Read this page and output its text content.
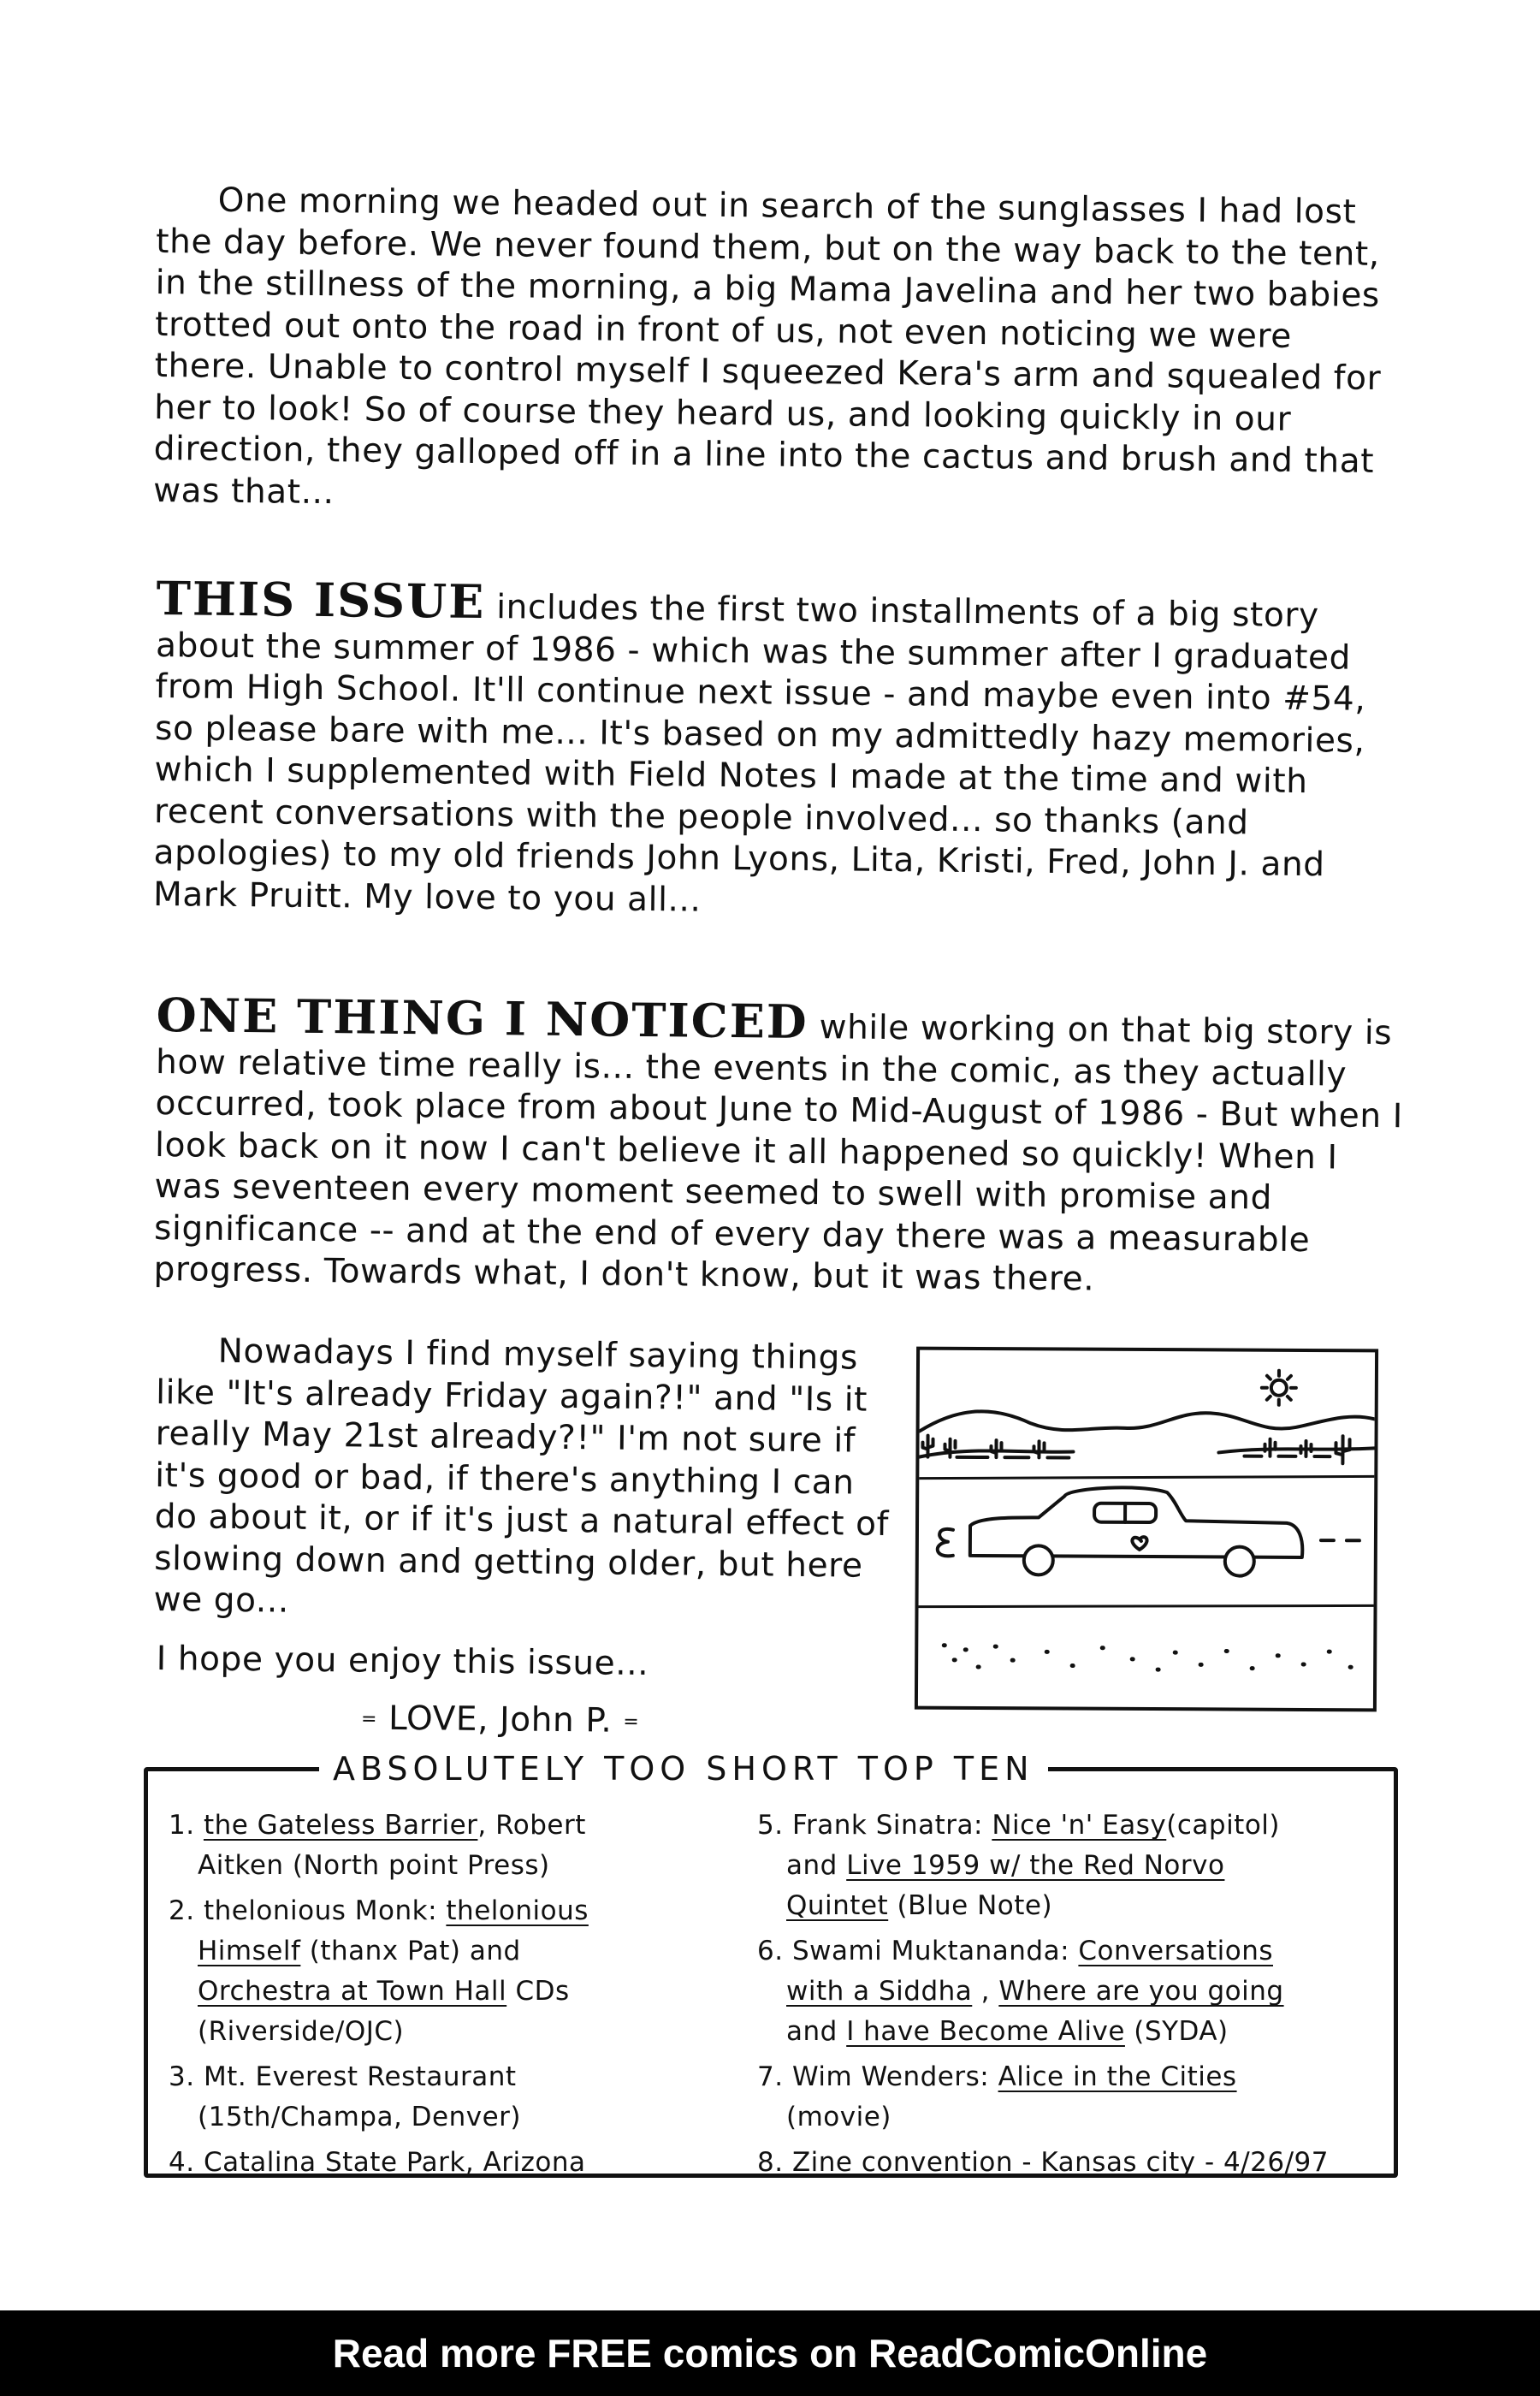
One morning we headed out in search of the sunglasses I had lost the day before. We never found them, but on the way back to the tent, in the stillness of the morning, a big Mama Javelina and her two babies trotted out onto the road in front of us, not even noticing we were there. Unable to control myself I squeezed Kera's arm and squealed for her to look! So of course they heard us, and looking quickly in our direction, they galloped off in a line into the cactus and brush and that was that...

THIS ISSUE includes the first two installments of a big story about the summer of 1986 - which was the summer after I graduated from High School. It'll continue next issue - and maybe even into #54, so please bare with me... It's based on my admittedly hazy memories, which I supplemented with Field Notes I made at the time and with recent conversations with the people involved... so thanks (and apologies) to my old friends John Lyons, Lita, Kristi, Fred, John J. and Mark Pruitt. My love to you all...

ONE THING I NOTICED while working on that big story is how relative time really is... the events in the comic, as they actually occurred, took place from about June to Mid-August of 1986 - But when I look back on it now I can't believe it all happened so quickly! When I was seventeen every moment seemed to swell with promise and significance -- and at the end of every day there was a measurable progress. Towards what, I don't know, but it was there.

Nowadays I find myself saying things like "It's already Friday again?!" and "Is it really May 21st already?!" I'm not sure if it's good or bad, if there's anything I can do about it, or if it's just a natural effect of slowing down and getting older, but here we go...

I hope you enjoy this issue...
= LOVE, John P. =
ABSOLUTELY TOO SHORT TOP TEN
1. the Gateless Barrier, Robert
Aitken (North point Press)
2. thelonious Monk: thelonious
Himself (thanx Pat) and
Orchestra at Town Hall CDs
(Riverside/OJC)
3. Mt. Everest Restaurant
(15th/Champa, Denver)
4. Catalina State Park, Arizona
5. Frank Sinatra: Nice 'n' Easy(capitol)
and Live 1959 w/ the Red Norvo
Quintet (Blue Note)
6. Swami Muktananda: Conversations
with a Siddha , Where are you going
and I have Become Alive (SYDA)
7. Wim Wenders: Alice in the Cities
(movie)
8. Zine convention - Kansas city - 4/26/97
Read more FREE comics on ReadComicOnline
